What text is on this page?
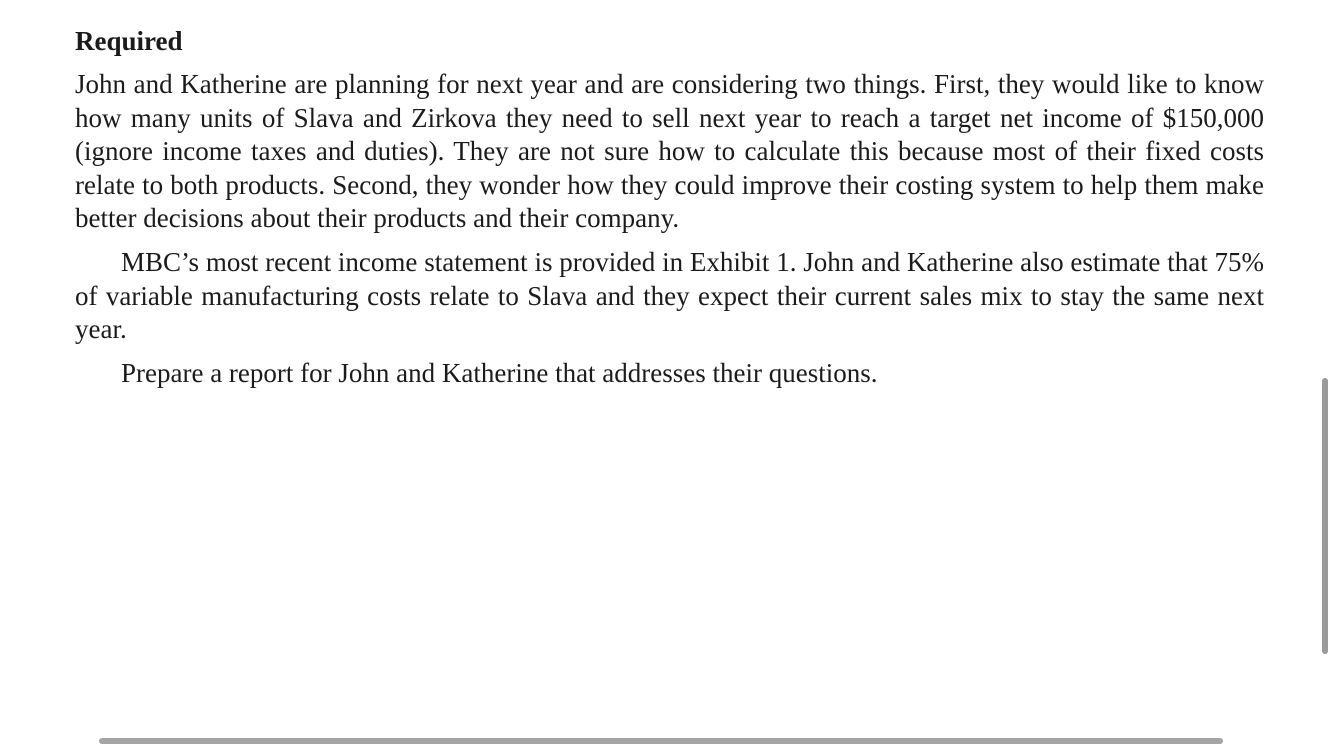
Required

John and Katherine are planning for next year and are considering two things. First, they would like to know how many units of Slava and Zirkova they need to sell next year to reach a target net income of $150,000 (ignore income taxes and duties). They are not sure how to calculate this because most of their fixed costs relate to both products. Second, they wonder how they could improve their costing system to help them make better decisions about their products and their company.

MBC’s most recent income statement is provided in Exhibit 1. John and Katherine also estimate that 75% of variable manufacturing costs relate to Slava and they expect their current sales mix to stay the same next year.

Prepare a report for John and Katherine that addresses their questions.
